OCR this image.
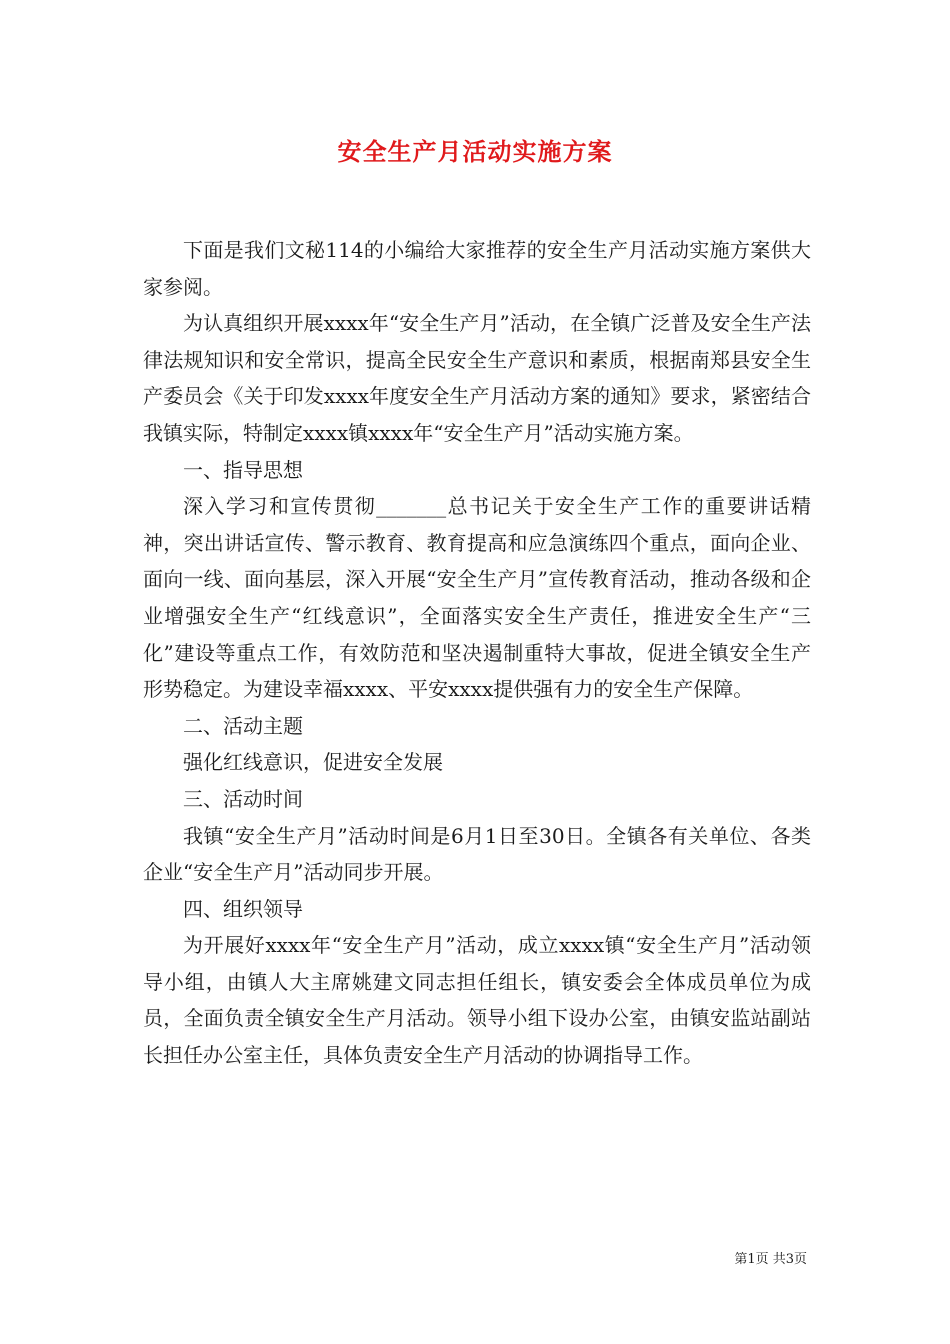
安全生产月活动实施方案

下面是我们文秘114的小编给大家推荐的安全生产月活动实施方案供大家参阅。

为认真组织开展xxxx年“安全生产月”活动，在全镇广泛普及安全生产法律法规知识和安全常识，提高全民安全生产意识和素质，根据南郑县安全生产委员会《关于印发xxxx年度安全生产月活动方案的通知》要求，紧密结合我镇实际，特制定xxxx镇xxxx年“安全生产月”活动实施方案。

一、指导思想

深入学习和宣传贯彻_______总书记关于安全生产工作的重要讲话精神，突出讲话宣传、警示教育、教育提高和应急演练四个重点，面向企业、面向一线、面向基层，深入开展“安全生产月”宣传教育活动，推动各级和企业增强安全生产“红线意识”，全面落实安全生产责任，推进安全生产“三化”建设等重点工作，有效防范和坚决遏制重特大事故，促进全镇安全生产形势稳定。为建设幸福xxxx、平安xxxx提供强有力的安全生产保障。

二、活动主题

强化红线意识，促进安全发展

三、活动时间

我镇“安全生产月”活动时间是6月1日至30日。全镇各有关单位、各类企业“安全生产月”活动同步开展。

四、组织领导

为开展好xxxx年“安全生产月”活动，成立xxxx镇“安全生产月”活动领导小组，由镇人大主席姚建文同志担任组长，镇安委会全体成员单位为成员，全面负责全镇安全生产月活动。领导小组下设办公室，由镇安监站副站长担任办公室主任，具体负责安全生产月活动的协调指导工作。

第1页 共3页
